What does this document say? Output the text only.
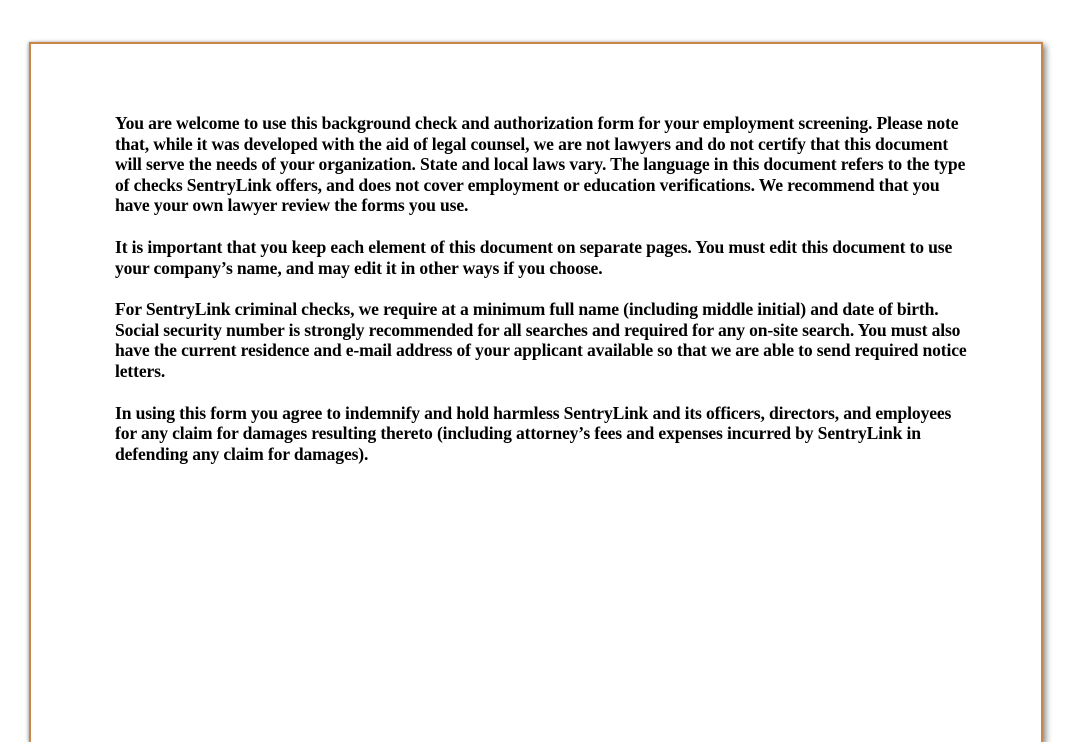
You are welcome to use this background check and authorization form for your employment screening. Please note that, while it was developed with the aid of legal counsel, we are not lawyers and do not certify that this document will serve the needs of your organization. State and local laws vary. The language in this document refers to the type of checks SentryLink offers, and does not cover employment or education verifications. We recommend that you have your own lawyer review the forms you use.

It is important that you keep each element of this document on separate pages. You must edit this document to use your company’s name, and may edit it in other ways if you choose.

For SentryLink criminal checks, we require at a minimum full name (including middle initial) and date of birth. Social security number is strongly recommended for all searches and required for any on-site search. You must also have the current residence and e-mail address of your applicant available so that we are able to send required notice letters.

In using this form you agree to indemnify and hold harmless SentryLink and its officers, directors, and employees for any claim for damages resulting thereto (including attorney’s fees and expenses incurred by SentryLink in defending any claim for damages).
